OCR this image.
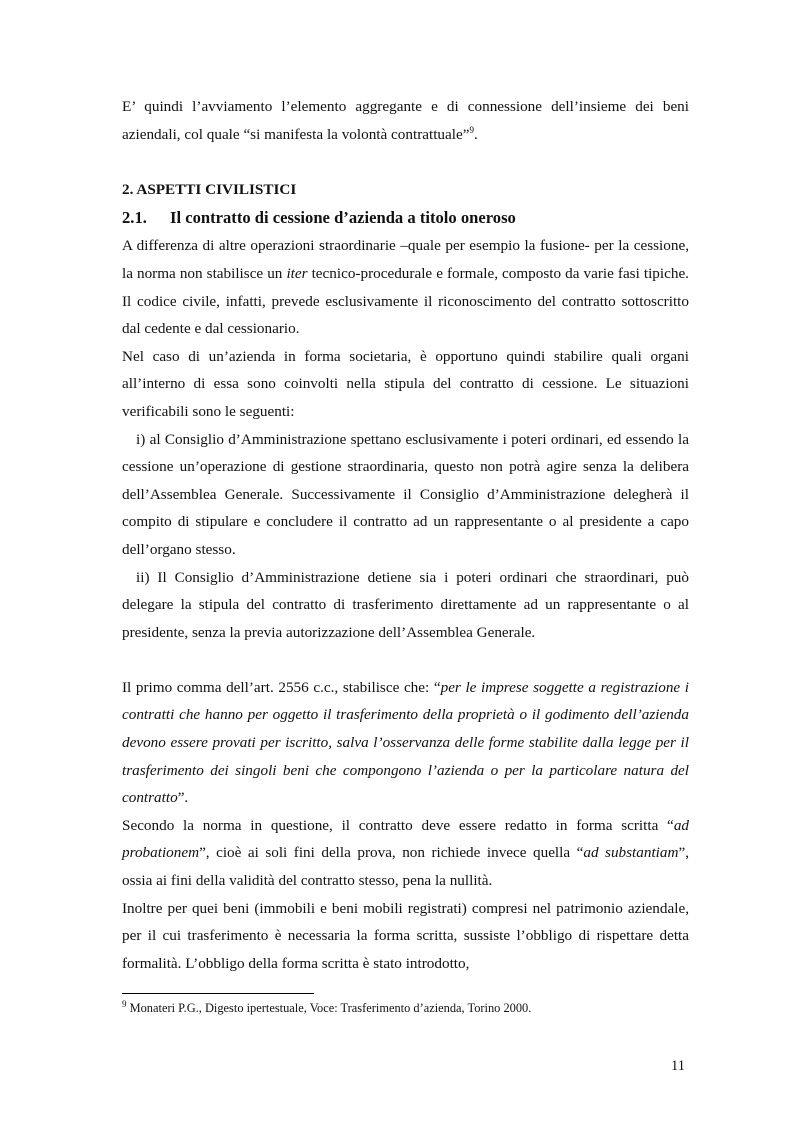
E’ quindi l’avviamento l’elemento aggregante e di connessione dell’insieme dei beni aziendali, col quale “si manifesta la volontà contrattuale”$^9$.

2. ASPETTI CIVILISTICI
2.1. Il contratto di cessione d’azienda a titolo oneroso

A differenza di altre operazioni straordinarie –quale per esempio la fusione- per la cessione, la norma non stabilisce un iter tecnico-procedurale e formale, composto da varie fasi tipiche. Il codice civile, infatti, prevede esclusivamente il riconoscimento del contratto sottoscritto dal cedente e dal cessionario.

Nel caso di un’azienda in forma societaria, è opportuno quindi stabilire quali organi all’interno di essa sono coinvolti nella stipula del contratto di cessione. Le situazioni verificabili sono le seguenti:

i) al Consiglio d’Amministrazione spettano esclusivamente i poteri ordinari, ed essendo la cessione un’operazione di gestione straordinaria, questo non potrà agire senza la delibera dell’Assemblea Generale. Successivamente il Consiglio d’Amministrazione delegherà il compito di stipulare e concludere il contratto ad un rappresentante o al presidente a capo dell’organo stesso.

ii) Il Consiglio d’Amministrazione detiene sia i poteri ordinari che straordinari, può delegare la stipula del contratto di trasferimento direttamente ad un rappresentante o al presidente, senza la previa autorizzazione dell’Assemblea Generale.

Il primo comma dell’art. 2556 c.c., stabilisce che: “per le imprese soggette a registrazione i contratti che hanno per oggetto il trasferimento della proprietà o il godimento dell’azienda devono essere provati per iscritto, salva l’osservanza delle forme stabilite dalla legge per il trasferimento dei singoli beni che compongono l’azienda o per la particolare natura del contratto”.

Secondo la norma in questione, il contratto deve essere redatto in forma scritta “ad probationem”, cioè ai soli fini della prova, non richiede invece quella “ad substantiam”, ossia ai fini della validità del contratto stesso, pena la nullità.

Inoltre per quei beni (immobili e beni mobili registrati) compresi nel patrimonio aziendale, per il cui trasferimento è necessaria la forma scritta, sussiste l’obbligo di rispettare detta formalità. L’obbligo della forma scritta è stato introdotto,

$^9$ Monateri P.G., Digesto ipertestuale, Voce: Trasferimento d’azienda, Torino 2000.
11
